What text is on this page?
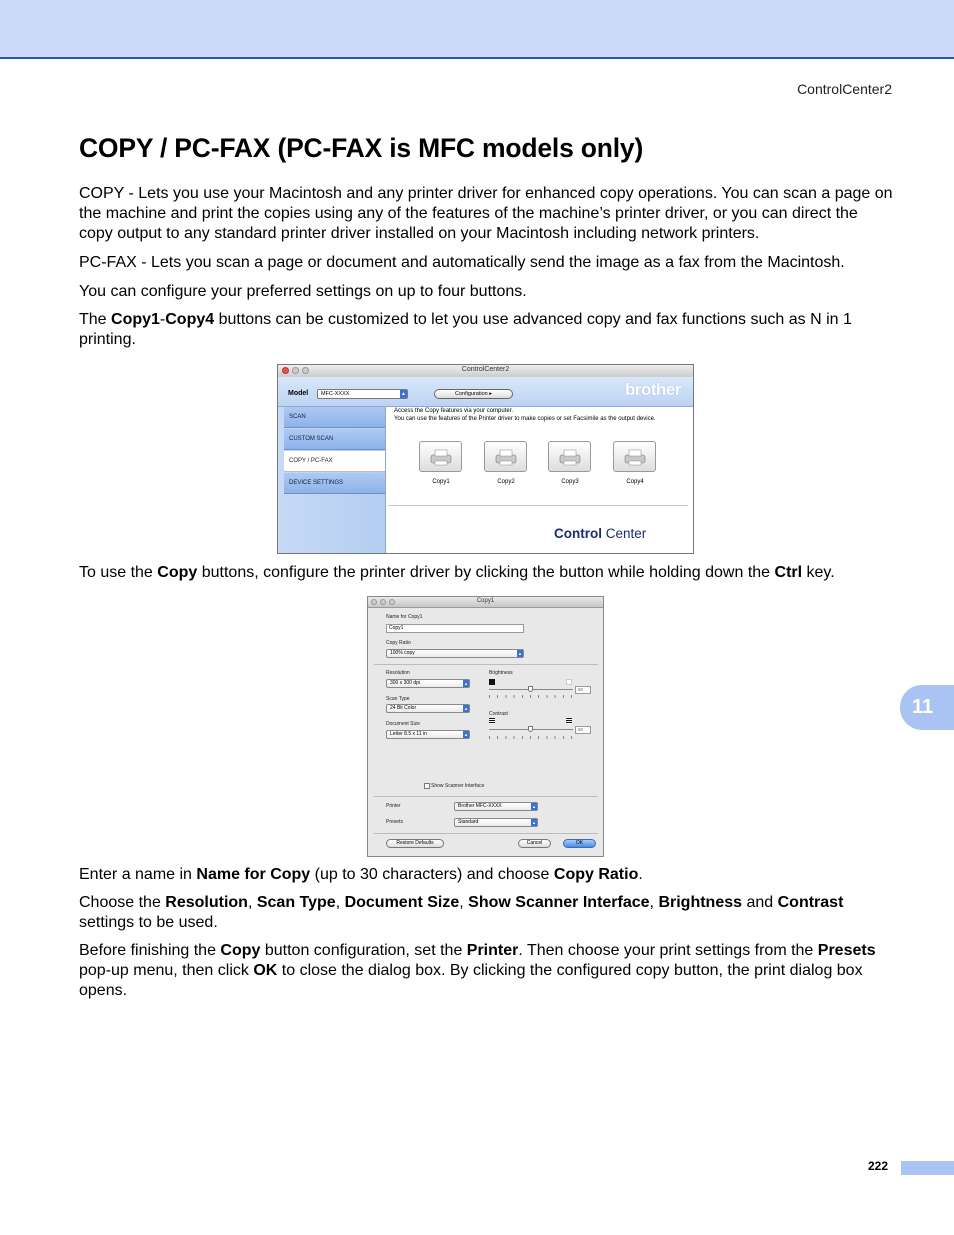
ControlCenter2
COPY / PC-FAX (PC-FAX is MFC models only)

COPY - Lets you use your Macintosh and any printer driver for enhanced copy operations. You can scan a page on the machine and print the copies using any of the features of the machine’s printer driver, or you can direct the copy output to any standard printer driver installed on your Macintosh including network printers.

PC-FAX - Lets you scan a page or document and automatically send the image as a fax from the Macintosh.

You can configure your preferred settings on up to four buttons.

The Copy1-Copy4 buttons can be customized to let you use advanced copy and fax functions such as N in 1 printing.

ControlCenter2
Model	MFC-XXXX	▲	Configuration ▸	brother
SCAN
CUSTOM SCAN
COPY / PC-FAX
DEVICE SETTINGS
Access the Copy features via your computer.
You can use the features of the Printer driver to make copies or set Facsimile as the output device.
Copy1	Copy2	Copy3	Copy4
Control Center

To use the Copy buttons, configure the printer driver by clicking the button while holding down the Ctrl key.

Copy1
Name for Copy1
Copy1
Copy Ratio
100% copy	▲
Resolution
300 x 300 dpi	▲
Scan Type
24 Bit Color	▲
Document Size
Letter 8.5 x 11 in	▲
Brightness
50
Contrast
50
Show Scanner Interface
Printer	Brother MFC-XXXX	▲
Presets	Standard	▲
Restore Defaults	Cancel	OK
11

Enter a name in Name for Copy (up to 30 characters) and choose Copy Ratio.

Choose the Resolution, Scan Type, Document Size, Show Scanner Interface, Brightness and Contrast settings to be used.

Before finishing the Copy button configuration, set the Printer. Then choose your print settings from the Presets pop-up menu, then click OK to close the dialog box. By clicking the configured copy button, the print dialog box opens.

222
